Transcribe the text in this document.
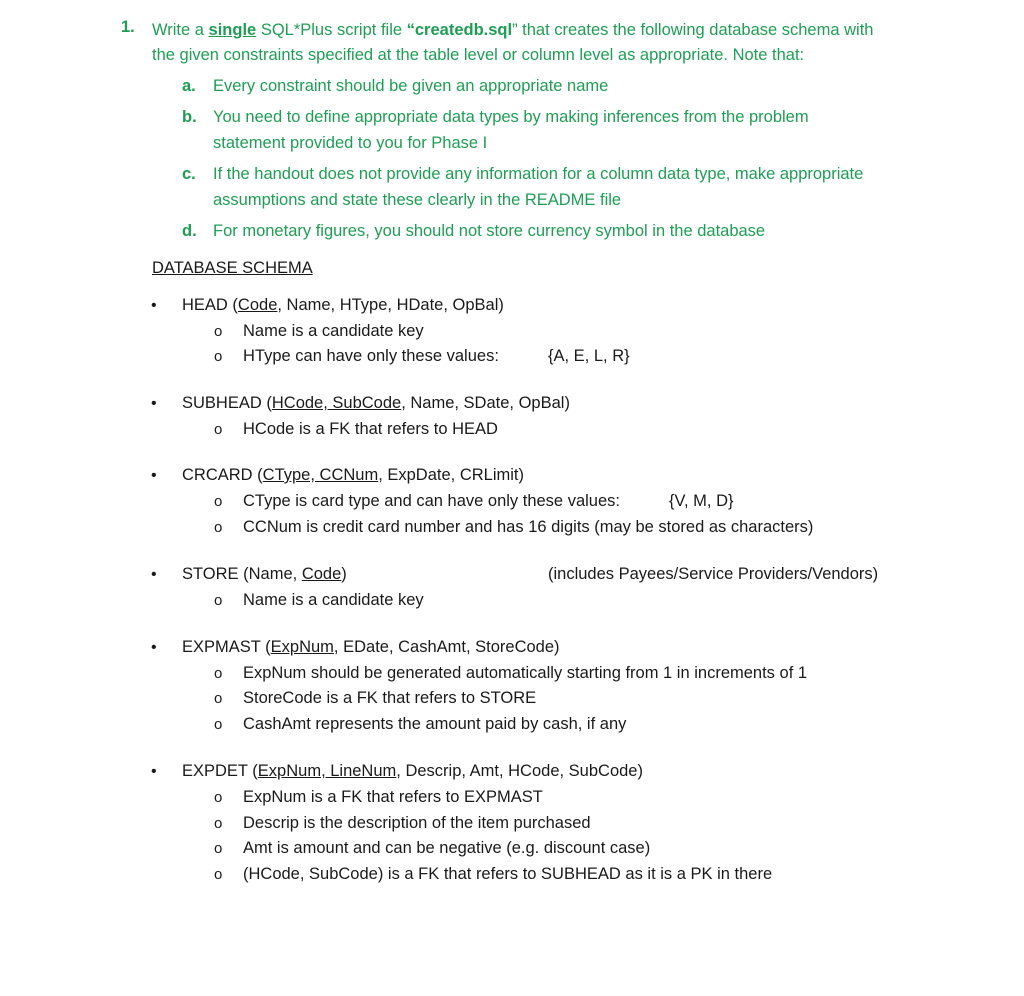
1. Write a single SQL*Plus script file “createdb.sql” that creates the following database schema with
the given constraints specified at the table level or column level as appropriate. Note that:
a. Every constraint should be given an appropriate name
b. You need to define appropriate data types by making inferences from the problem
statement provided to you for Phase I
c. If the handout does not provide any information for a column data type, make appropriate
assumptions and state these clearly in the README file
d. For monetary figures, you should not store currency symbol in the database
DATABASE SCHEMA
• HEAD (Code, Name, HType, HDate, OpBal)
o Name is a candidate key
o HType can have only these values:	{A, E, L, R}
• SUBHEAD (HCode, SubCode, Name, SDate, OpBal)
o HCode is a FK that refers to HEAD
• CRCARD (CType, CCNum, ExpDate, CRLimit)
o CType is card type and can have only these values:	{V, M, D}
o CCNum is credit card number and has 16 digits (may be stored as characters)
• STORE (Name, Code)	(includes Payees/Service Providers/Vendors)
o Name is a candidate key
• EXPMAST (ExpNum, EDate, CashAmt, StoreCode)
o ExpNum should be generated automatically starting from 1 in increments of 1
o StoreCode is a FK that refers to STORE
o CashAmt represents the amount paid by cash, if any
• EXPDET (ExpNum, LineNum, Descrip, Amt, HCode, SubCode)
o ExpNum is a FK that refers to EXPMAST
o Descrip is the description of the item purchased
o Amt is amount and can be negative (e.g. discount case)
o (HCode, SubCode) is a FK that refers to SUBHEAD as it is a PK in there
